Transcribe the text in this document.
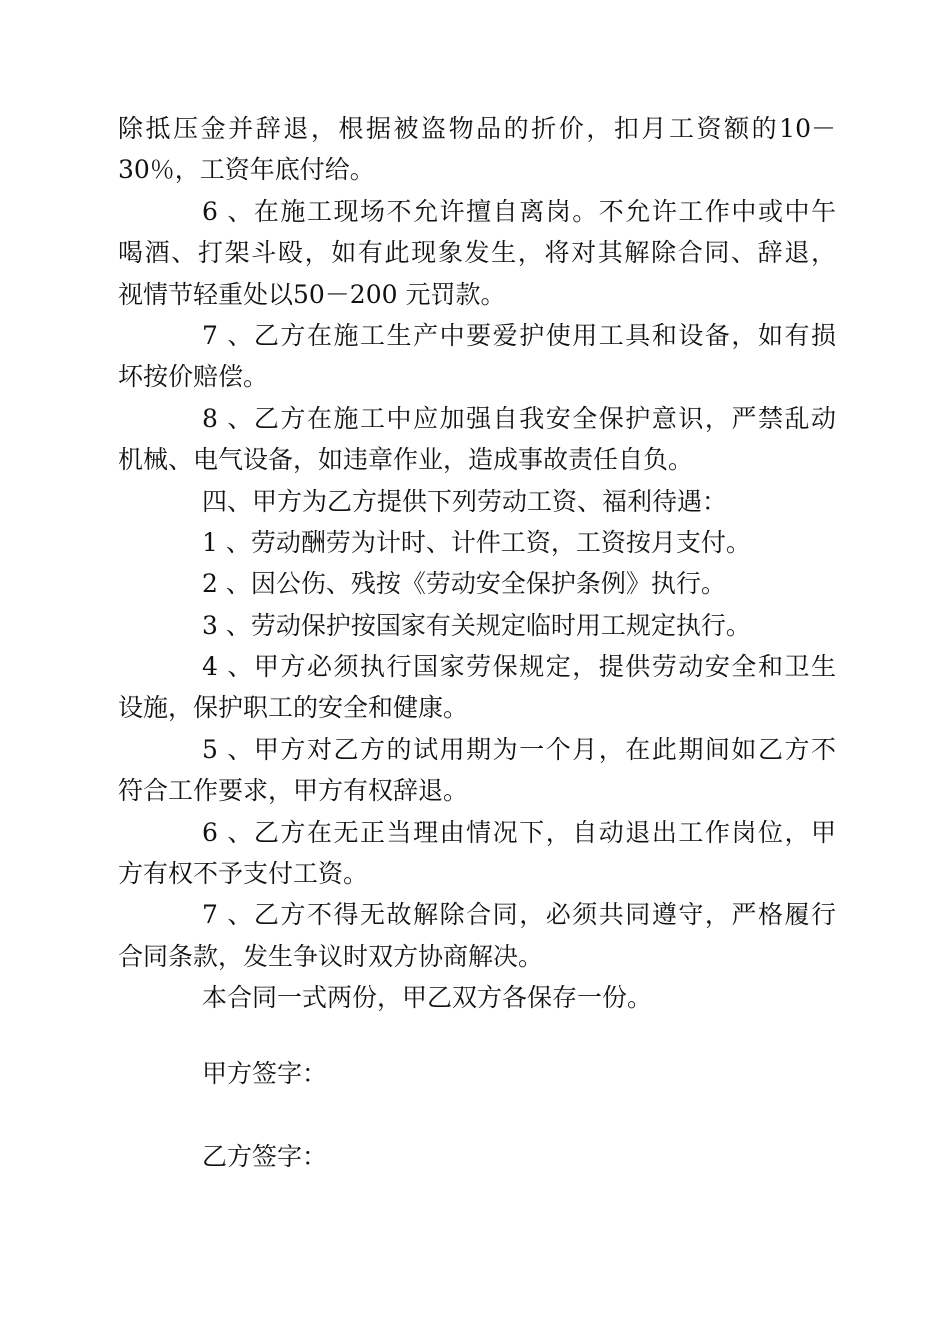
除抵压金并辞退，根据被盗物品的折价，扣月工资额的10－
30％，工资年底付给。
6 、在施工现场不允许擅自离岗。不允许工作中或中午
喝酒、打架斗殴，如有此现象发生，将对其解除合同、辞退，
视情节轻重处以50－200 元罚款。
7 、乙方在施工生产中要爱护使用工具和设备，如有损
坏按价赔偿。
8 、乙方在施工中应加强自我安全保护意识，严禁乱动
机械、电气设备，如违章作业，造成事故责任自负。
四、甲方为乙方提供下列劳动工资、福利待遇：
1 、劳动酬劳为计时、计件工资，工资按月支付。
2 、因公伤、残按《劳动安全保护条例》执行。
3 、劳动保护按国家有关规定临时用工规定执行。
4 、甲方必须执行国家劳保规定，提供劳动安全和卫生
设施，保护职工的安全和健康。
5 、甲方对乙方的试用期为一个月，在此期间如乙方不
符合工作要求，甲方有权辞退。
6 、乙方在无正当理由情况下，自动退出工作岗位，甲
方有权不予支付工资。
7 、乙方不得无故解除合同，必须共同遵守，严格履行
合同条款，发生争议时双方协商解决。
本合同一式两份，甲乙双方各保存一份。
甲方签字：
乙方签字：
